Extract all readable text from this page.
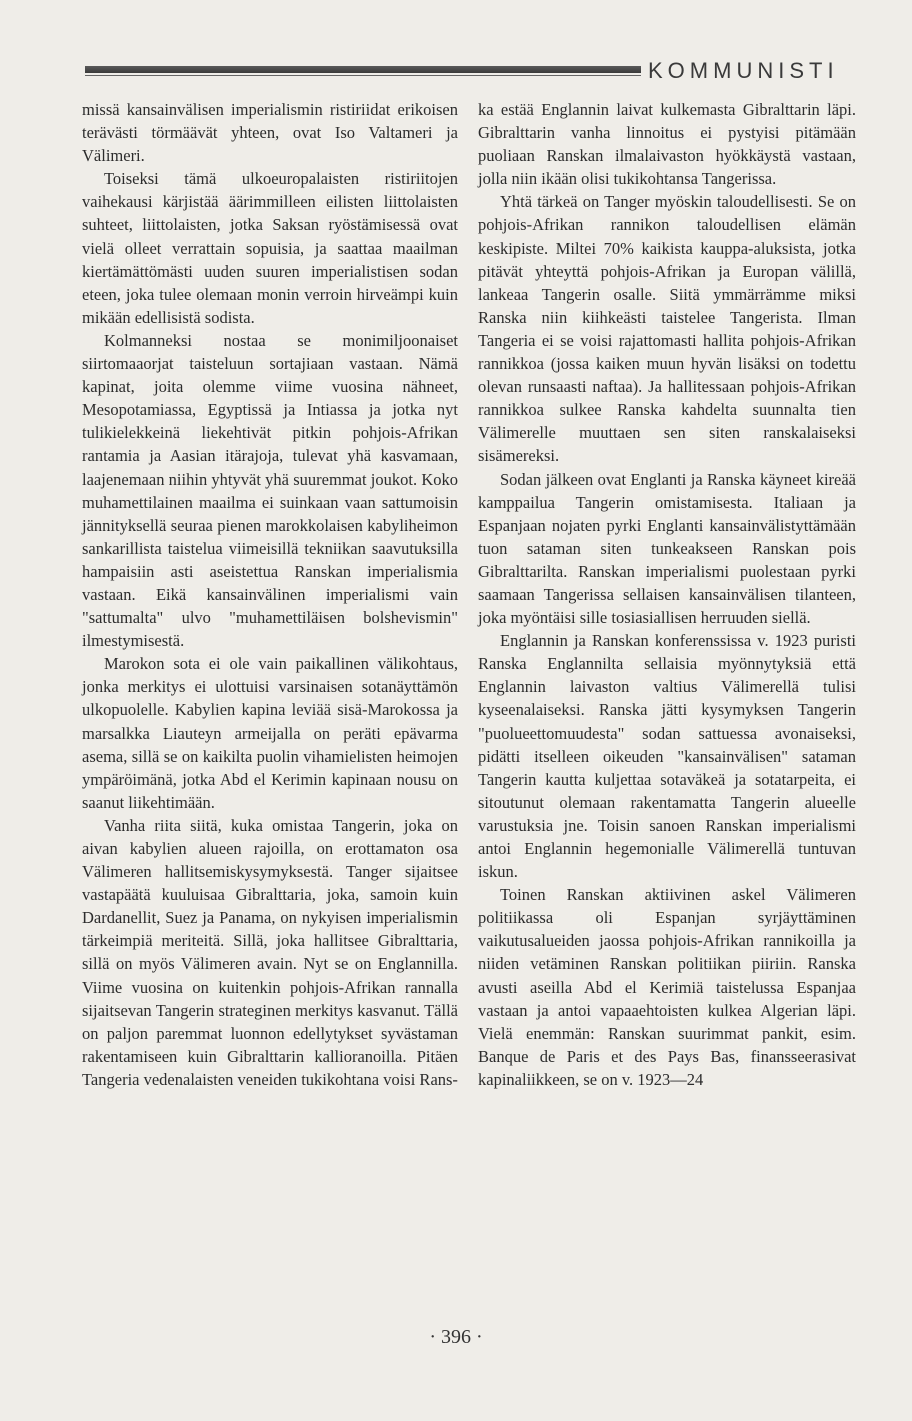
KOMMUNISTI

missä kansainvälisen imperialismin ristiriidat erikoisen terävästi törmäävät yhteen, ovat Iso Valtameri ja Välimeri.

Toiseksi tämä ulkoeuropalaisten ristiriitojen vaihekausi kärjistää äärimmilleen eilisten liittolaisten suhteet, liittolaisten, jotka Saksan ryöstämisessä ovat vielä olleet verrattain sopuisia, ja saattaa maailman kiertämättömästi uuden suuren imperialistisen sodan eteen, joka tulee olemaan monin verroin hirveämpi kuin mikään edellisistä sodista.

Kolmanneksi nostaa se monimiljoonaiset siirtomaaorjat taisteluun sortajiaan vastaan. Nämä kapinat, joita olemme viime vuosina nähneet, Mesopotamiassa, Egyptissä ja Intiassa ja jotka nyt tulikielekkeinä liekehtivät pitkin pohjois-Afrikan rantamia ja Aasian itärajoja, tulevat yhä kasvamaan, laajenemaan niihin yhtyvät yhä suuremmat joukot. Koko muhamettilainen maailma ei suinkaan vaan sattumoisin jännityksellä seuraa pienen marokkolaisen kabyliheimon sankarillista taistelua viimeisillä tekniikan saavutuksilla hampaisiin asti aseistettua Ranskan imperialismia vastaan. Eikä kansainvälinen imperialismi vain "sattumalta" ulvo "muhamettiläisen bolshevismin" ilmestymisestä.

Marokon sota ei ole vain paikallinen välikohtaus, jonka merkitys ei ulottuisi varsinaisen sotanäyttämön ulkopuolelle. Kabylien kapina leviää sisä-Marokossa ja marsalkka Liauteyn armeijalla on peräti epävarma asema, sillä se on kaikilta puolin vihamielisten heimojen ympäröimänä, jotka Abd el Kerimin kapinaan nousu on saanut liikehtimään.

Vanha riita siitä, kuka omistaa Tangerin, joka on aivan kabylien alueen rajoilla, on erottamaton osa Välimeren hallitsemiskysymyksestä. Tanger sijaitsee vastapäätä kuuluisaa Gibralttaria, joka, samoin kuin Dardanellit, Suez ja Panama, on nykyisen imperialismin tärkeimpiä meriteitä. Sillä, joka hallitsee Gibralttaria, sillä on myös Välimeren avain. Nyt se on Englannilla. Viime vuosina on kuitenkin pohjois-Afrikan rannalla sijaitsevan Tangerin strateginen merkitys kasvanut. Tällä on paljon paremmat luonnon edellytykset syvästaman rakentamiseen kuin Gibralttarin kallioranoilla. Pitäen Tangeria vedenalaisten veneiden tukikohtana voisi Rans-

ka estää Englannin laivat kulkemasta Gibralttarin läpi. Gibralttarin vanha linnoitus ei pystyisi pitämään puoliaan Ranskan ilmalaivaston hyökkäystä vastaan, jolla niin ikään olisi tukikohtansa Tangerissa.

Yhtä tärkeä on Tanger myöskin taloudellisesti. Se on pohjois-Afrikan rannikon taloudellisen elämän keskipiste. Miltei 70% kaikista kauppa-aluksista, jotka pitävät yhteyttä pohjois-Afrikan ja Europan välillä, lankeaa Tangerin osalle. Siitä ymmärrämme miksi Ranska niin kiihkeästi taistelee Tangerista. Ilman Tangeria ei se voisi rajattomasti hallita pohjois-Afrikan rannikkoa (jossa kaiken muun hyvän lisäksi on todettu olevan runsaasti naftaa). Ja hallitessaan pohjois-Afrikan rannikkoa sulkee Ranska kahdelta suunnalta tien Välimerelle muuttaen sen siten ranskalaiseksi sisämereksi.

Sodan jälkeen ovat Englanti ja Ranska käyneet kireää kamppailua Tangerin omistamisesta. Italiaan ja Espanjaan nojaten pyrki Englanti kansainvälistyttämään tuon sataman siten tunkeakseen Ranskan pois Gibralttarilta. Ranskan imperialismi puolestaan pyrki saamaan Tangerissa sellaisen kansainvälisen tilanteen, joka myöntäisi sille tosiasiallisen herruuden siellä.

Englannin ja Ranskan konferenssissa v. 1923 puristi Ranska Englannilta sellaisia myönnytyksiä että Englannin laivaston valtius Välimerellä tulisi kyseenalaiseksi. Ranska jätti kysymyksen Tangerin "puolueettomuudesta" sodan sattuessa avonaiseksi, pidätti itselleen oikeuden "kansainvälisen" sataman Tangerin kautta kuljettaa sotaväkeä ja sotatarpeita, ei sitoutunut olemaan rakentamatta Tangerin alueelle varustuksia jne. Toisin sanoen Ranskan imperialismi antoi Englannin hegemonialle Välimerellä tuntuvan iskun.

Toinen Ranskan aktiivinen askel Välimeren politiikassa oli Espanjan syrjäyttäminen vaikutusalueiden jaossa pohjois-Afrikan rannikoilla ja niiden vetäminen Ranskan politiikan piiriin. Ranska avusti aseilla Abd el Kerimiä taistelussa Espanjaa vastaan ja antoi vapaaehtoisten kulkea Algerian läpi. Vielä enemmän: Ranskan suurimmat pankit, esim. Banque de Paris et des Pays Bas, finansseerasivat kapinaliikkeen, se on v. 1923—24

· 396 ·
